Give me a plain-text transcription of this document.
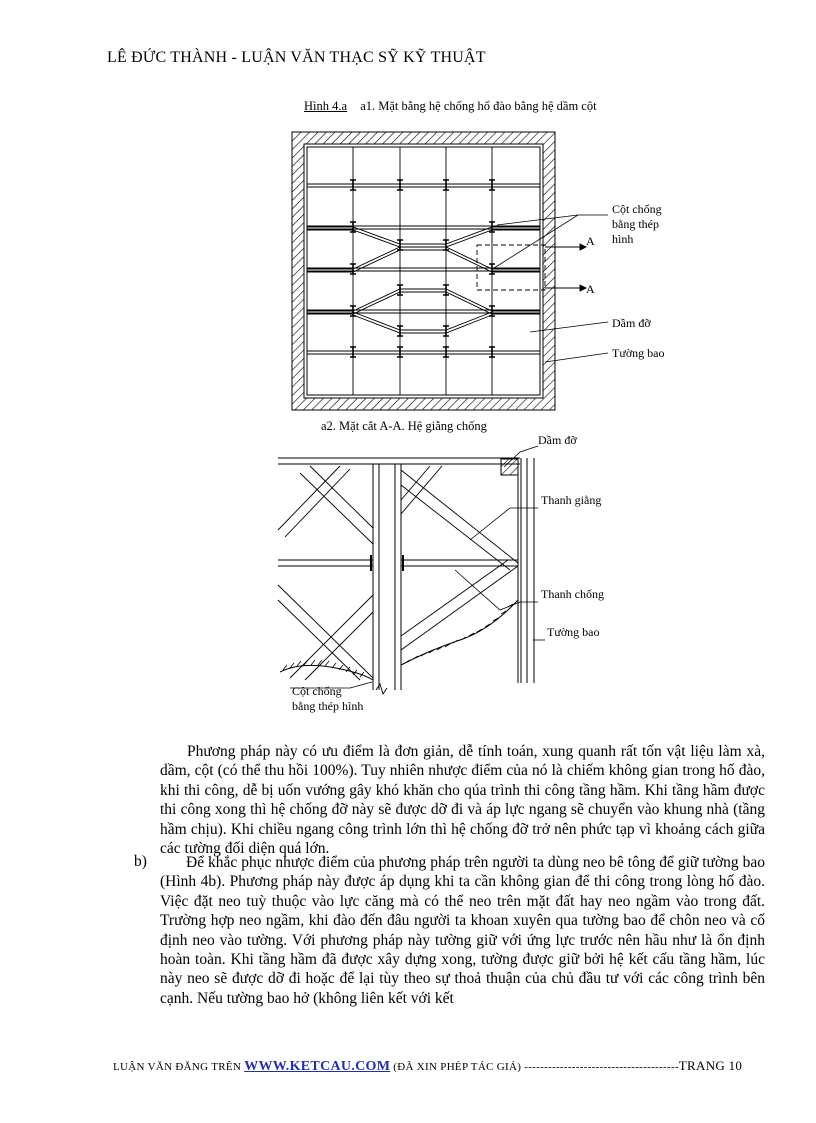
LÊ ĐỨC THÀNH - LUẬN VĂN THẠC SỸ KỸ THUẬT
Hình 4.a a1. Mặt bằng hệ chống hố đào bằng hệ dầm cột
Cột chống
bằng thép
hình
A
A
Dầm đỡ
Tường bao
a2. Mặt cắt A-A. Hệ giằng chống
Dầm đỡ
Thanh giằng
Thanh chống
Tường bao
Cột chống
bằng thép hình
Phương pháp này có ưu điểm là đơn giản, dễ tính toán, xung quanh rất tốn vật liệu làm xà, dầm, cột (có thể thu hồi 100%). Tuy nhiên nhược điểm của nó là chiếm không gian trong hố đào, khi thi công, dễ bị uốn vướng gây khó khăn cho qúa trình thi công tầng hầm. Khi tầng hầm được thi công xong thì hệ chống đỡ này sẽ được dỡ đi và áp lực ngang sẽ chuyển vào khung nhà (tầng hầm chịu). Khi chiều ngang công trình lớn thì hệ chống đỡ trở nên phức tạp vì khoảng cách giữa các tường đối diện quá lớn.
b)	Để khắc phục nhược điểm của phương pháp trên người ta dùng neo bê tông để giữ tường bao (Hình 4b). Phương pháp này được áp dụng khi ta cần không gian để thi công trong lòng hố đào. Việc đặt neo tuỳ thuộc vào lực căng mà có thể neo trên mặt đất hay neo ngầm vào trong đất. Trường hợp neo ngầm, khi đào đến đâu người ta khoan xuyên qua tường bao để chôn neo và cố định neo vào tường. Với phương pháp này tường giữ với ứng lực trước nên hầu như là ổn định hoàn toàn. Khi tầng hầm đã được xây dựng xong, tường được giữ bởi hệ kết cấu tầng hầm, lúc này neo sẽ được dỡ đi hoặc để lại tùy theo sự thoả thuận của chủ đầu tư với các công trình bên cạnh. Nếu tường bao hở (không liên kết với kết
LUẬN VĂN ĐĂNG TRÊN WWW.KETCAU.COM (ĐÃ XIN PHÉP TÁC GIẢ) ---------------------------------------TRANG 10
